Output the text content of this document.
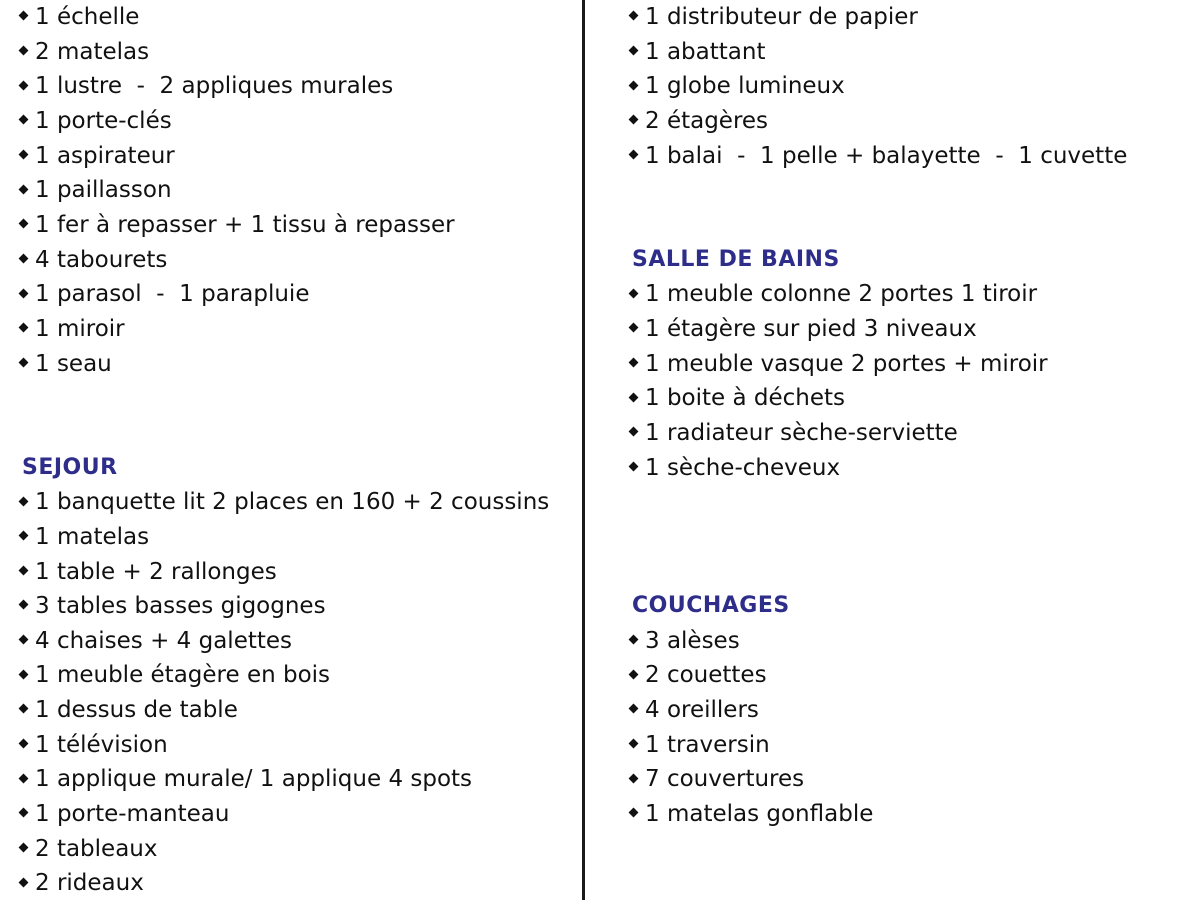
1 échelle
2 matelas
1 lustre  -  2 appliques murales
1 porte-clés
1 aspirateur
1 paillasson
1 fer à repasser + 1 tissu à repasser
4 tabourets
1 parasol  -  1 parapluie
1 miroir
1 seau
SEJOUR
1 banquette lit 2 places en 160 + 2 coussins
1 matelas
1 table + 2 rallonges
3 tables basses gigognes
4 chaises + 4 galettes
1 meuble étagère en bois
1 dessus de table
1 télévision
1 applique murale/ 1 applique 4 spots
1 porte-manteau
2 tableaux
2 rideaux
1 distributeur de papier
1 abattant
1 globe lumineux
2 étagères
1 balai  -  1 pelle + balayette  -  1 cuvette
SALLE DE BAINS
1 meuble colonne 2 portes 1 tiroir
1 étagère sur pied 3 niveaux
1 meuble vasque 2 portes + miroir
1 boite à déchets
1 radiateur sèche-serviette
1 sèche-cheveux
COUCHAGES
3 alèses
2 couettes
4 oreillers
1 traversin
7 couvertures
1 matelas gonflable
